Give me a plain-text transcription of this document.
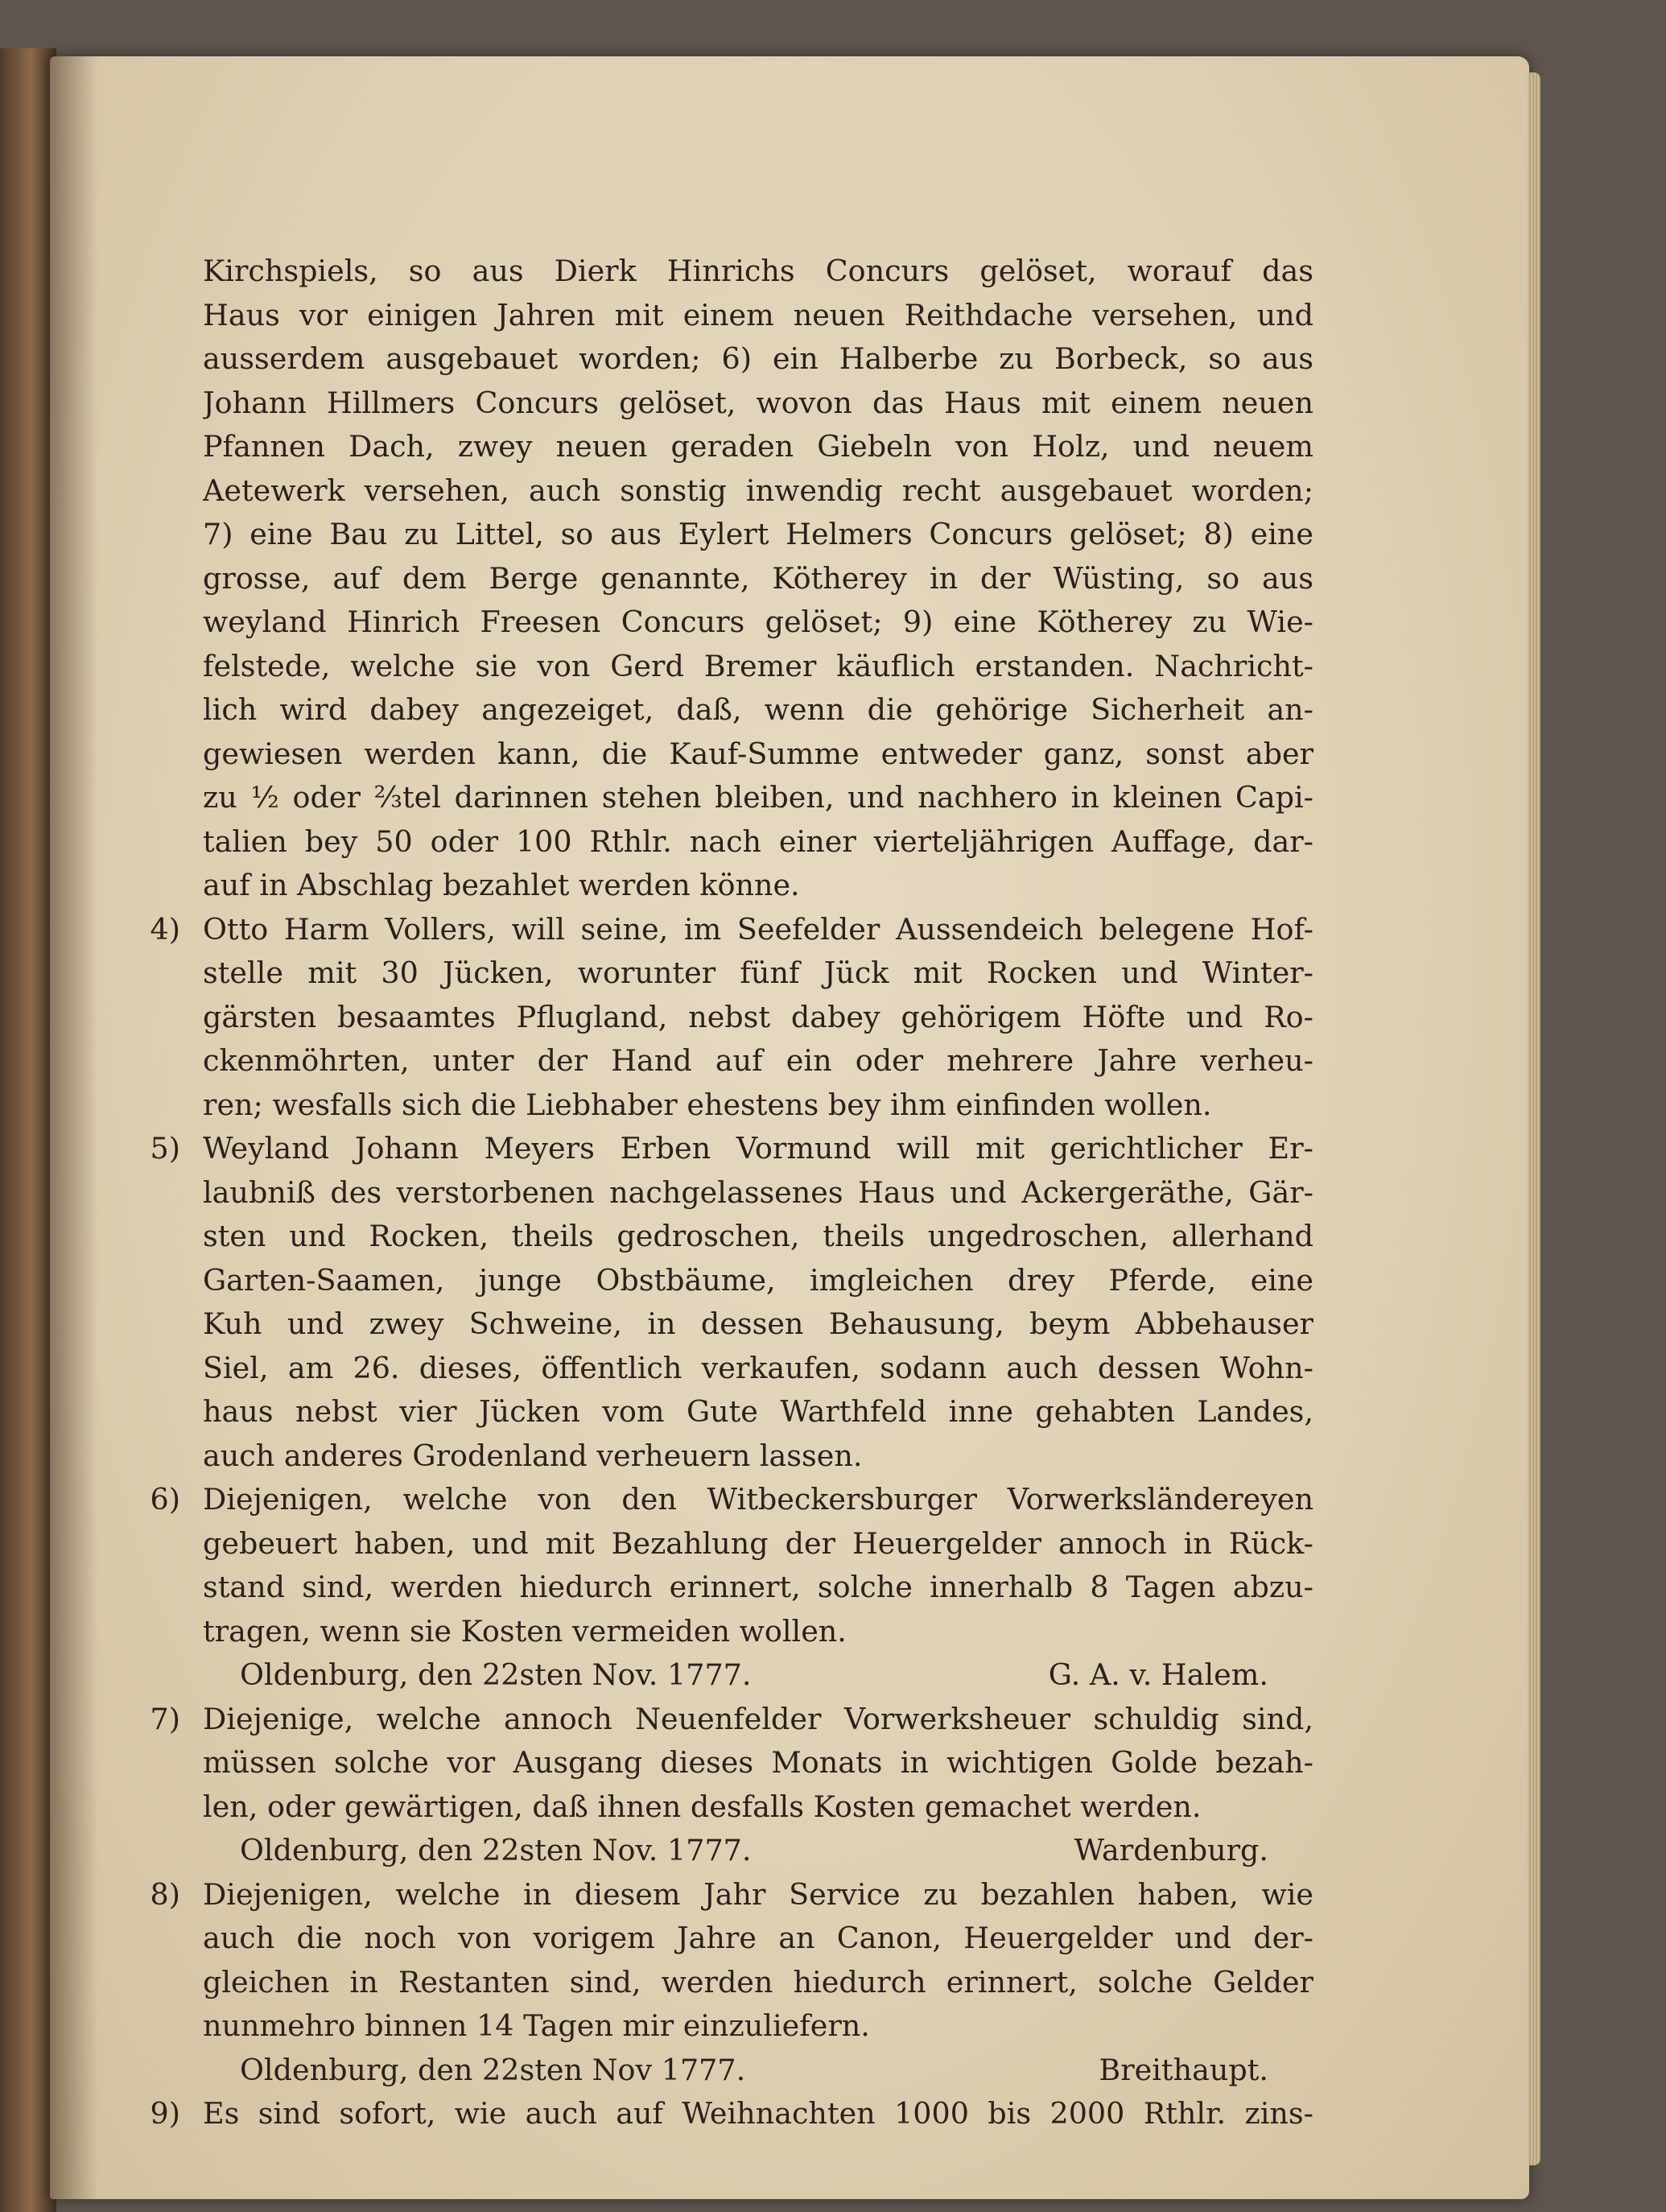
Kirchspiels, so aus Dierk Hinrichs Concurs gelöset, worauf das
Haus vor einigen Jahren mit einem neuen Reithdache versehen, und
ausserdem ausgebauet worden; 6) ein Halberbe zu Borbeck, so aus
Johann Hillmers Concurs gelöset, wovon das Haus mit einem neuen
Pfannen Dach, zwey neuen geraden Giebeln von Holz, und neuem
Aetewerk versehen, auch sonstig inwendig recht ausgebauet worden;
7) eine Bau zu Littel, so aus Eylert Helmers Concurs gelöset; 8) eine
grosse, auf dem Berge genannte, Kötherey in der Wüsting, so aus
weyland Hinrich Freesen Concurs gelöset; 9) eine Kötherey zu Wie-
felstede, welche sie von Gerd Bremer käuflich erstanden. Nachricht-
lich wird dabey angezeiget, daß, wenn die gehörige Sicherheit an-
gewiesen werden kann, die Kauf-Summe entweder ganz, sonst aber
zu ½ oder ⅔tel darinnen stehen bleiben, und nachhero in kleinen Capi-
talien bey 50 oder 100 Rthlr. nach einer vierteljährigen Auffage, dar-
auf in Abschlag bezahlet werden könne.
4) Otto Harm Vollers, will seine, im Seefelder Aussendeich belegene Hof-
stelle mit 30 Jücken, worunter fünf Jück mit Rocken und Winter-
gärsten besaamtes Pflugland, nebst dabey gehörigem Höfte und Ro-
ckenmöhrten, unter der Hand auf ein oder mehrere Jahre verheu-
ren; wesfalls sich die Liebhaber ehestens bey ihm einfinden wollen.
5) Weyland Johann Meyers Erben Vormund will mit gerichtlicher Er-
laubniß des verstorbenen nachgelassenes Haus und Ackergeräthe, Gär-
sten und Rocken, theils gedroschen, theils ungedroschen, allerhand
Garten-Saamen, junge Obstbäume, imgleichen drey Pferde, eine
Kuh und zwey Schweine, in dessen Behausung, beym Abbehauser
Siel, am 26. dieses, öffentlich verkaufen, sodann auch dessen Wohn-
haus nebst vier Jücken vom Gute Warthfeld inne gehabten Landes,
auch anderes Grodenland verheuern lassen.
6) Diejenigen, welche von den Witbeckersburger Vorwerksländereyen
gebeuert haben, und mit Bezahlung der Heuergelder annoch in Rück-
stand sind, werden hiedurch erinnert, solche innerhalb 8 Tagen abzu-
tragen, wenn sie Kosten vermeiden wollen.
Oldenburg, den 22sten Nov. 1777.	G. A. v. Halem.
7) Diejenige, welche annoch Neuenfelder Vorwerksheuer schuldig sind,
müssen solche vor Ausgang dieses Monats in wichtigen Golde bezah-
len, oder gewärtigen, daß ihnen desfalls Kosten gemachet werden.
Oldenburg, den 22sten Nov. 1777.	Wardenburg.
8) Diejenigen, welche in diesem Jahr Service zu bezahlen haben, wie
auch die noch von vorigem Jahre an Canon, Heuergelder und der-
gleichen in Restanten sind, werden hiedurch erinnert, solche Gelder
nunmehro binnen 14 Tagen mir einzuliefern.
Oldenburg, den 22sten Nov 1777.	Breithaupt.
9) Es sind sofort, wie auch auf Weihnachten 1000 bis 2000 Rthlr. zins-
